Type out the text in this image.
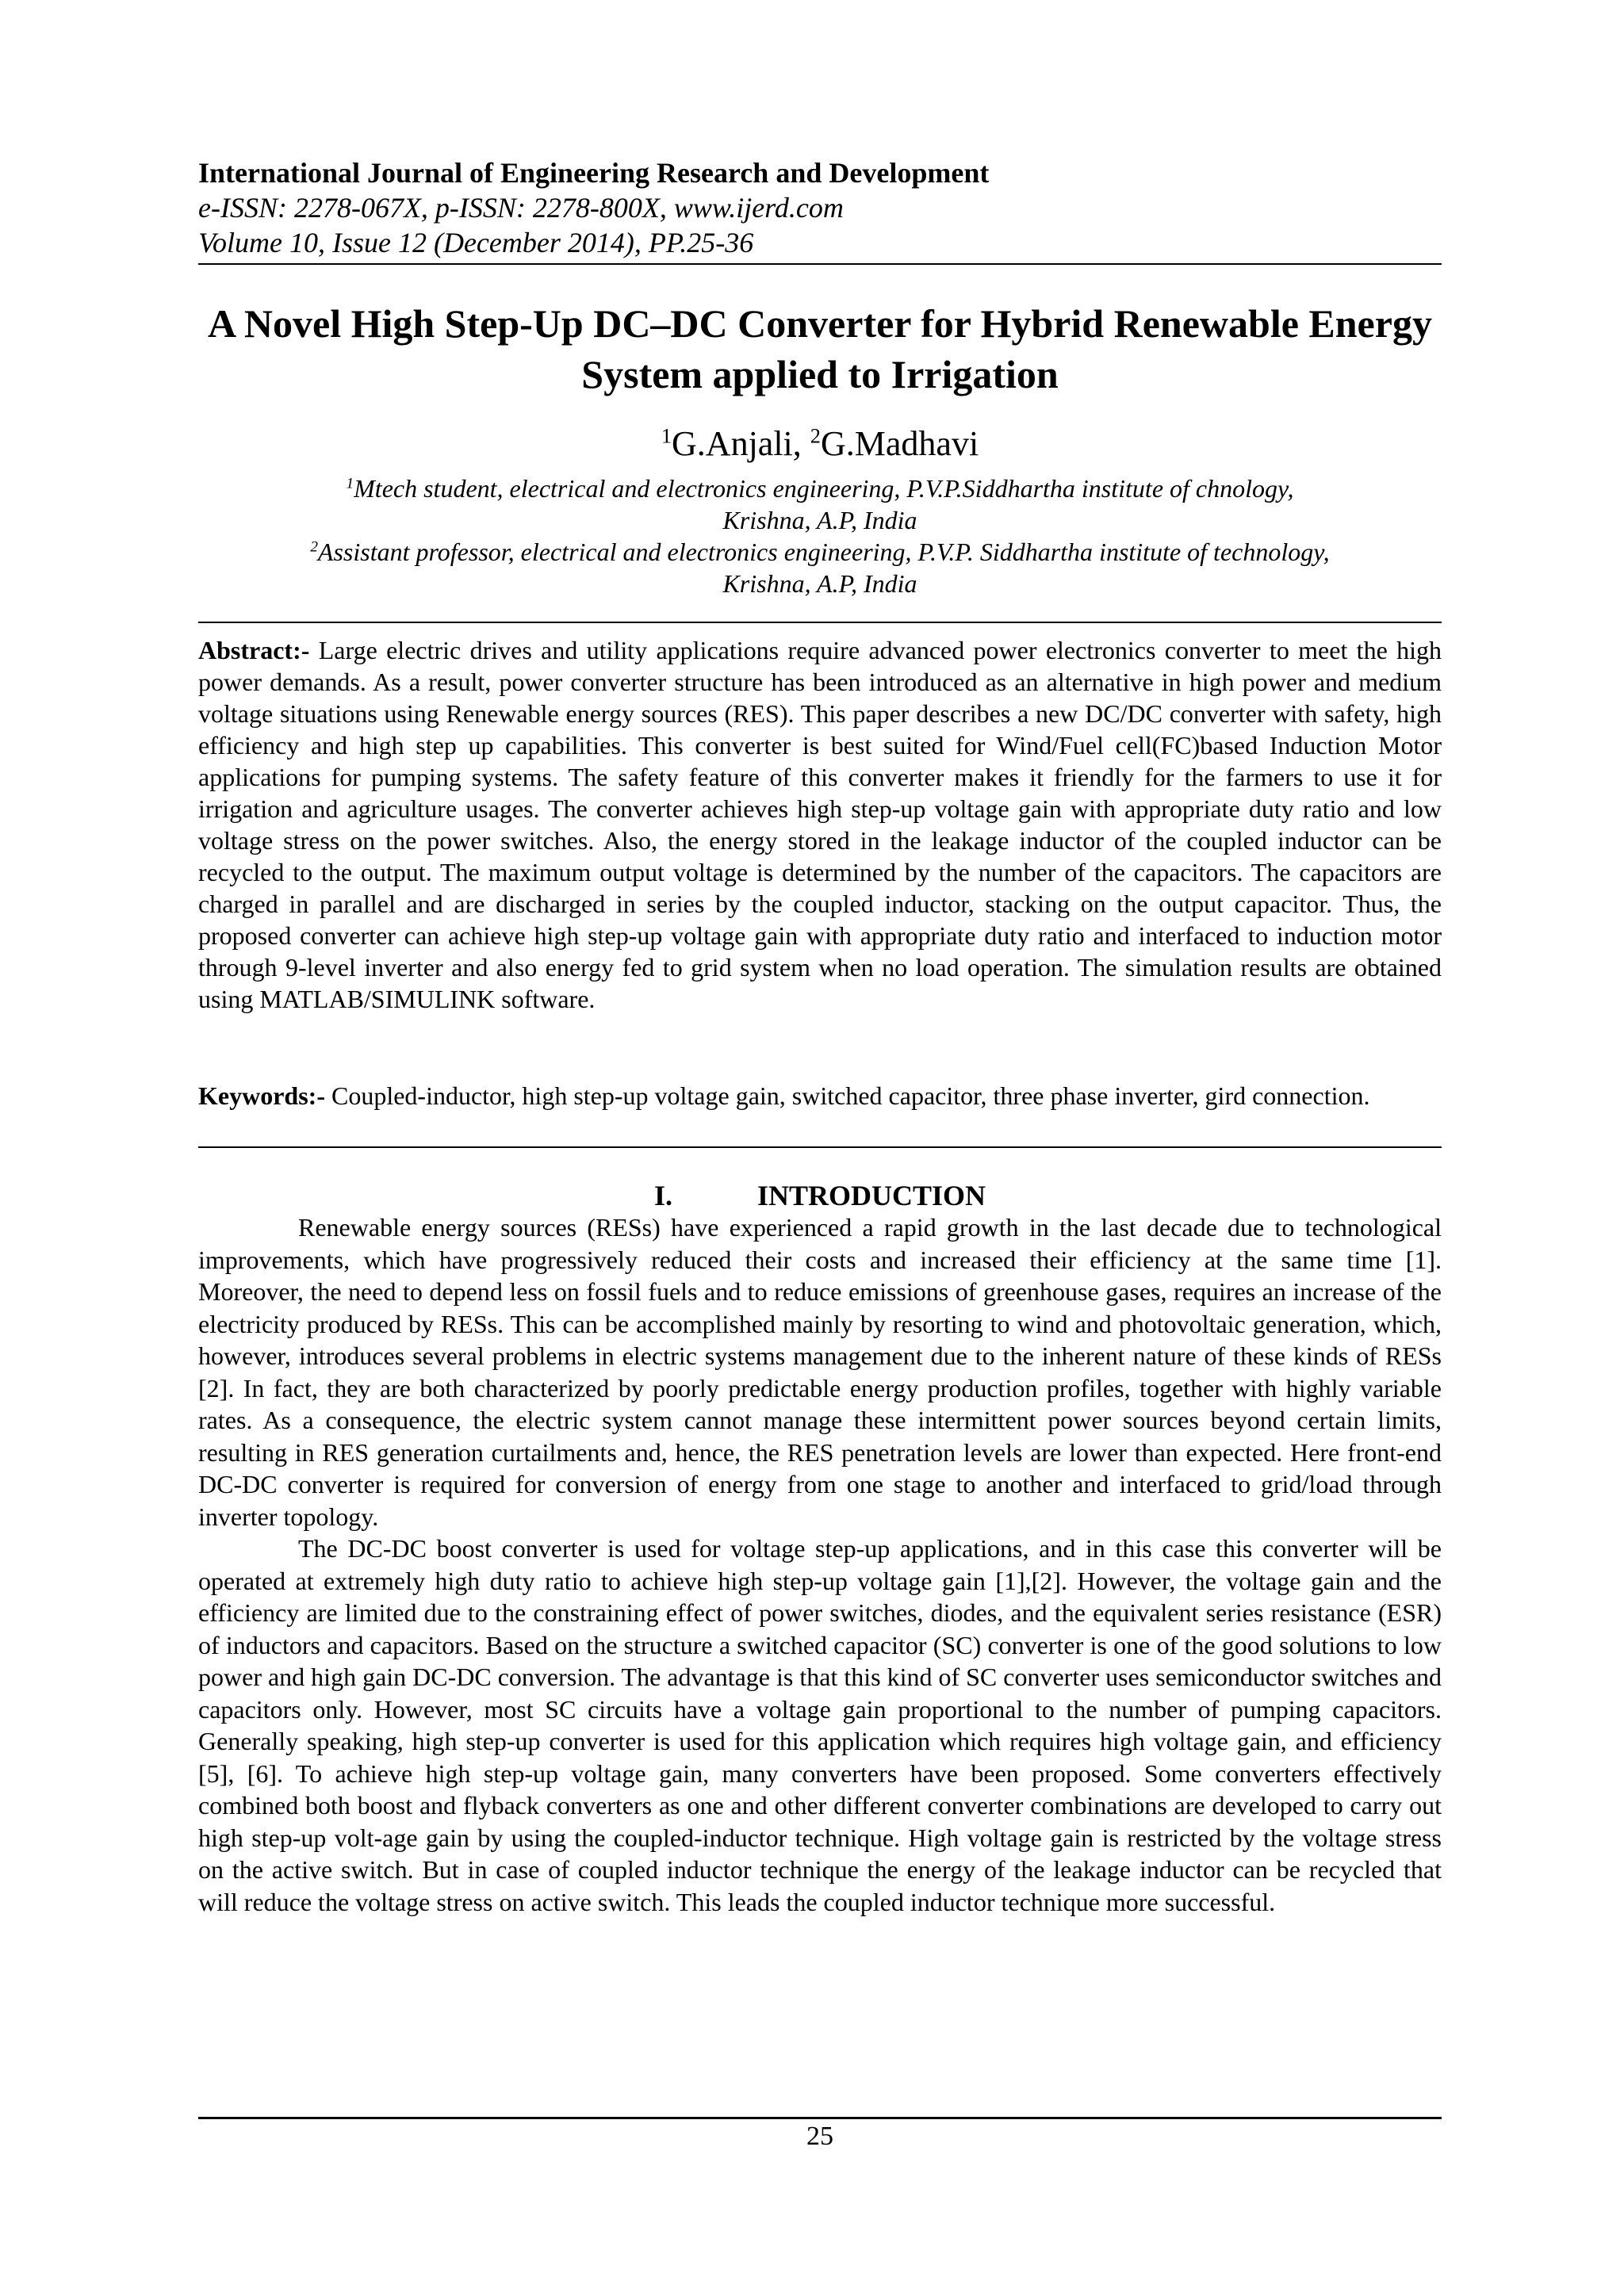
International Journal of Engineering Research and Development
e-ISSN: 2278-067X, p-ISSN: 2278-800X, www.ijerd.com
Volume 10, Issue 12 (December 2014), PP.25-36
A Novel High Step-Up DC–DC Converter for Hybrid Renewable Energy System applied to Irrigation
$^1$G.Anjali, $^2$G.Madhavi
$^1$Mtech student, electrical and electronics engineering, P.V.P.Siddhartha institute of chnology,
Krishna, A.P, India
$^2$Assistant professor, electrical and electronics engineering, P.V.P. Siddhartha institute of technology,
Krishna, A.P, India

Abstract:- Large electric drives and utility applications require advanced power electronics converter to meet the high power demands. As a result, power converter structure has been introduced as an alternative in high power and medium voltage situations using Renewable energy sources (RES). This paper describes a new DC/DC converter with safety, high efficiency and high step up capabilities. This converter is best suited for Wind/Fuel cell(FC)based Induction Motor applications for pumping systems. The safety feature of this converter makes it friendly for the farmers to use it for irrigation and agriculture usages. The converter achieves high step-up voltage gain with appropriate duty ratio and low voltage stress on the power switches. Also, the energy stored in the leakage inductor of the coupled inductor can be recycled to the output. The maximum output voltage is determined by the number of the capacitors. The capacitors are charged in parallel and are discharged in series by the coupled inductor, stacking on the output capacitor. Thus, the proposed converter can achieve high step-up voltage gain with appropriate duty ratio and interfaced to induction motor through 9-level inverter and also energy fed to grid system when no load operation. The simulation results are obtained using MATLAB/SIMULINK software.

Keywords:- Coupled-inductor, high step-up voltage gain, switched capacitor, three phase inverter, gird connection.

I.	INTRODUCTION

Renewable energy sources (RESs) have experienced a rapid growth in the last decade due to technological improvements, which have progressively reduced their costs and increased their efficiency at the same time [1]. Moreover, the need to depend less on fossil fuels and to reduce emissions of greenhouse gases, requires an increase of the electricity produced by RESs. This can be accomplished mainly by resorting to wind and photovoltaic generation, which, however, introduces several problems in electric systems management due to the inherent nature of these kinds of RESs [2]. In fact, they are both characterized by poorly predictable energy production profiles, together with highly variable rates. As a consequence, the electric system cannot manage these intermittent power sources beyond certain limits, resulting in RES generation curtailments and, hence, the RES penetration levels are lower than expected. Here front-end DC-DC converter is required for conversion of energy from one stage to another and interfaced to grid/load through inverter topology.

The DC-DC boost converter is used for voltage step-up applications, and in this case this converter will be operated at extremely high duty ratio to achieve high step-up voltage gain [1],[2]. However, the voltage gain and the efficiency are limited due to the constraining effect of power switches, diodes, and the equivalent series resistance (ESR) of inductors and capacitors. Based on the structure a switched capacitor (SC) converter is one of the good solutions to low power and high gain DC-DC conversion. The advantage is that this kind of SC converter uses semiconductor switches and capacitors only. However, most SC circuits have a voltage gain proportional to the number of pumping capacitors. Generally speaking, high step-up converter is used for this application which requires high voltage gain, and efficiency [5], [6]. To achieve high step-up voltage gain, many converters have been proposed. Some converters effectively combined both boost and flyback converters as one and other different converter combinations are developed to carry out high step-up volt-age gain by using the coupled-inductor technique. High voltage gain is restricted by the voltage stress on the active switch. But in case of coupled inductor technique the energy of the leakage inductor can be recycled that will reduce the voltage stress on active switch. This leads the coupled inductor technique more successful.

25
